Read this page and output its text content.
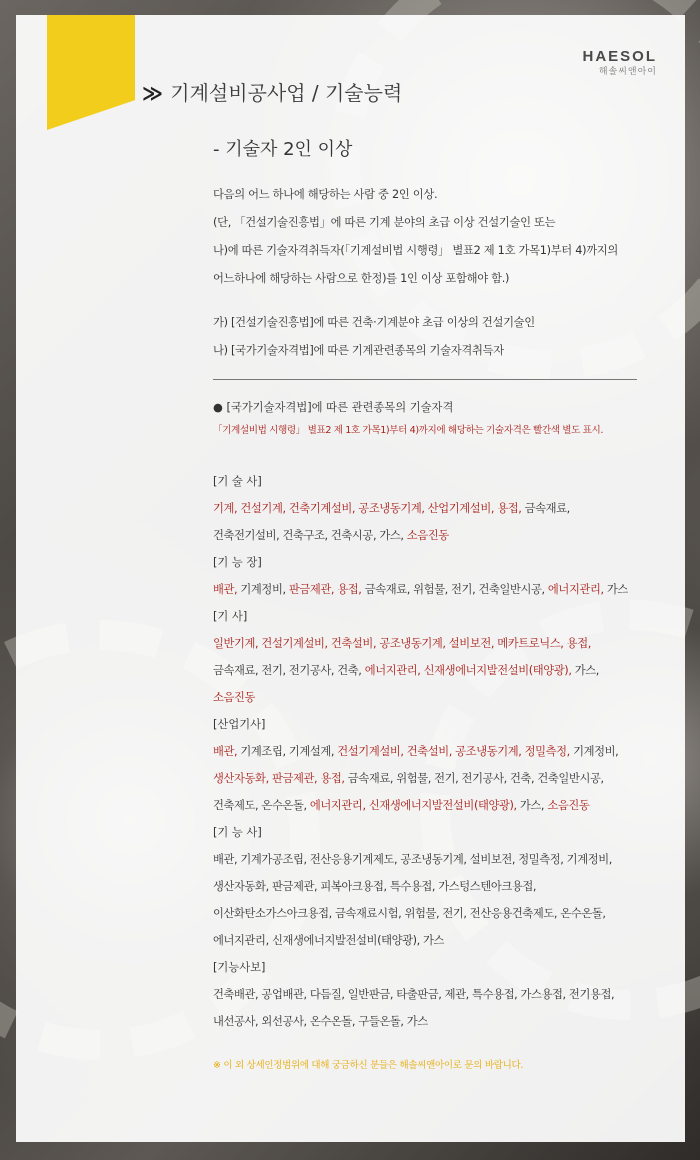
HAESOL
해솔씨앤아이
≫ 기계설비공사업 / 기술능력
- 기술자 2인 이상
다음의 어느 하나에 해당하는 사람 중 2인 이상.
(단, 「건설기술진흥법」에 따른 기계 분야의 초급 이상 건설기술인 또는
나)에 따른 기술자격취득자(「기계설비법 시행령」 별표2 제 1호 가목1)부터 4)까지의
어느하나에 해당하는 사람으로 한정)를 1인 이상 포함해야 함.)
가) [건설기술진흥법]에 따른 건축·기계분야 초급 이상의 건설기술인
나) [국가기술자격법]에 따른 기계관련종목의 기술자격취득자
● [국가기술자격법]에 따른 관련종목의 기술자격
「기계설비법 시행령」 별표2 제 1호 가목1)부터 4)까지에 해당하는 기술자격은 빨간색 별도 표시.
[기 술 사]
기계, 건설기계, 건축기계설비, 공조냉동기계, 산업기계설비, 용접, 금속재료,
건축전기설비, 건축구조, 건축시공, 가스, 소음진동
[기 능 장]
배관, 기계정비, 판금제관, 용접, 금속재료, 위험물, 전기, 건축일반시공, 에너지관리, 가스
[기 사]
일반기계, 건설기계설비, 건축설비, 공조냉동기계, 설비보전, 메카트로닉스, 용접,
금속재료, 전기, 전기공사, 건축, 에너지관리, 신재생에너지발전설비(태양광), 가스,
소음진동
[산업기사]
배관, 기계조립, 기계설계, 건설기계설비, 건축설비, 공조냉동기계, 정밀측정, 기계정비,
생산자동화, 판금제관, 용접, 금속재료, 위험물, 전기, 전기공사, 건축, 건축일반시공,
건축제도, 온수온돌, 에너지관리, 신재생에너지발전설비(태양광), 가스, 소음진동
[기 능 사]
배관, 기계가공조립, 전산응용기계제도, 공조냉동기계, 설비보전, 정밀측정, 기계정비,
생산자동화, 판금제관, 피복아크용접, 특수용접, 가스텅스텐아크용접,
이산화탄소가스아크용접, 금속재료시험, 위험물, 전기, 전산응용건축제도, 온수온돌,
에너지관리, 신재생에너지발전설비(태양광), 가스
[기능사보]
건축배관, 공업배관, 다듬질, 일반판금, 타출판금, 제관, 특수용접, 가스용접, 전기용접,
내선공사, 외선공사, 온수온돌, 구들온돌, 가스
※ 이 외 상세인정범위에 대해 궁금하신 분들은 해솔씨앤아이로 문의 바랍니다.
